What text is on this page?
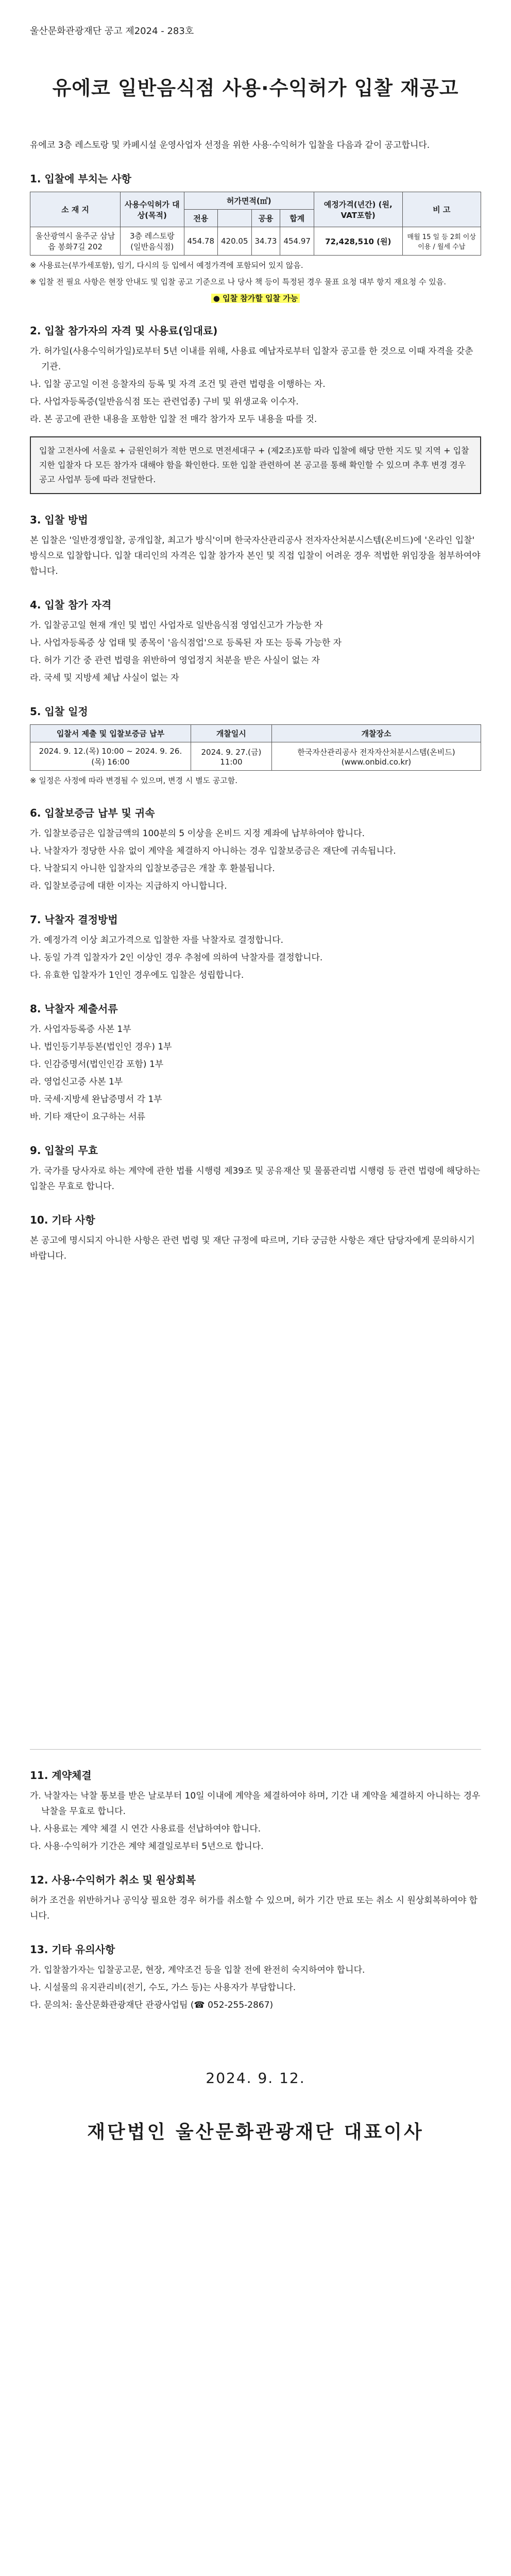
울산문화관광재단 공고 제2024 - 283호
유에코 일반음식점 사용·수익허가 입찰 재공고

유에코 3층 레스토랑 및 카페시설 운영사업자 선정을 위한 사용·수익허가 입찰을 다음과 같이 공고합니다.

1. 입찰에 부치는 사항
소 재 지	사용수익허가 대상(목적)	허가면적(㎡)				예정가격(년간) (원, VAT포함)	비 고
		전용		공용	합계		
울산광역시 울주군 삼남읍 봉화7길 202	3층 레스토랑 (일반음식점)	454.78	420.05	34.73	454.97	72,428,510 (원)	매월 15 일 등 2회 이상 이용 / 월세 수납
※ 사용료는(부가세포함), 임기, 다시의 등 입에서 예정가격에 포함되어 있지 않음.
※ 입찰 전 필요 사항은 현장 안내도 및 입찰 공고 기준으로 나 당사 책 등이 특정된 경우 물표 요청 대부 항지 재요청 수 있음.
● 입찰 참가할 입찰 가능
2. 입찰 참가자의 자격 및 사용료(임대료)
가. 허가일(사용수익허가일)로부터 5년 이내를 위해, 사용료 예납자로부터 입찰자 공고를 한 것으로 이때 자격을 갖춘 기관.
나. 입찰 공고일 이전 응찰자의 등록 및 자격 조건 및 관련 법령을 이행하는 자.
다. 사업자등록증(일반음식점 또는 관련업종) 구비 및 위생교육 이수자.
라. 본 공고에 관한 내용을 포함한 입찰 전 매각 참가자 모두 내용을 따를 것.
입찰 고전사에 서울로 + 금원인허가 적한 면으로 면전세대구 + (제2조)포함 따라 입찰에 해당 만한 지도 및 지역 + 입찰 지한 입찰자 다 모든 참가자 대해야 함을 확인한다. 또한 입찰 관련하여 본 공고를 통해 확인할 수 있으며 추후 변경 경우 공고 사업부 등에 따라 전달한다.
3. 입찰 방법

본 입찰은 '일반경쟁입찰, 공개입찰, 최고가 방식'이며 한국자산관리공사 전자자산처분시스템(온비드)에 '온라인 입찰' 방식으로 입찰합니다. 입찰 대리인의 자격은 입찰 참가자 본인 및 직접 입찰이 어려운 경우 적법한 위임장을 첨부하여야 합니다.

4. 입찰 참가 자격
가. 입찰공고일 현재 개인 및 법인 사업자로 일반음식점 영업신고가 가능한 자
나. 사업자등록증 상 업태 및 종목이 '음식점업'으로 등록된 자 또는 등록 가능한 자
다. 허가 기간 중 관련 법령을 위반하여 영업정지 처분을 받은 사실이 없는 자
라. 국세 및 지방세 체납 사실이 없는 자
5. 입찰 일정
입찰서 제출 및 입찰보증금 납부	개찰일시	개찰장소
2024. 9. 12.(목) 10:00 ~ 2024. 9. 26.(목) 16:00	2024. 9. 27.(금) 11:00	한국자산관리공사 전자자산처분시스템(온비드) (www.onbid.co.kr)
※ 일정은 사정에 따라 변경될 수 있으며, 변경 시 별도 공고함.
6. 입찰보증금 납부 및 귀속
가. 입찰보증금은 입찰금액의 100분의 5 이상을 온비드 지정 계좌에 납부하여야 합니다.
나. 낙찰자가 정당한 사유 없이 계약을 체결하지 아니하는 경우 입찰보증금은 재단에 귀속됩니다.
다. 낙찰되지 아니한 입찰자의 입찰보증금은 개찰 후 환불됩니다.
라. 입찰보증금에 대한 이자는 지급하지 아니합니다.
7. 낙찰자 결정방법
가. 예정가격 이상 최고가격으로 입찰한 자를 낙찰자로 결정합니다.
나. 동일 가격 입찰자가 2인 이상인 경우 추첨에 의하여 낙찰자를 결정합니다.
다. 유효한 입찰자가 1인인 경우에도 입찰은 성립합니다.
8. 낙찰자 제출서류
가. 사업자등록증 사본 1부
나. 법인등기부등본(법인인 경우) 1부
다. 인감증명서(법인인감 포함) 1부
라. 영업신고증 사본 1부
마. 국세·지방세 완납증명서 각 1부
바. 기타 재단이 요구하는 서류
9. 입찰의 무효

가. 국가를 당사자로 하는 계약에 관한 법률 시행령 제39조 및 공유재산 및 물품관리법 시행령 등 관련 법령에 해당하는 입찰은 무효로 합니다.

10. 기타 사항

본 공고에 명시되지 아니한 사항은 관련 법령 및 재단 규정에 따르며, 기타 궁금한 사항은 재단 담당자에게 문의하시기 바랍니다.

11. 계약체결
가. 낙찰자는 낙찰 통보를 받은 날로부터 10일 이내에 계약을 체결하여야 하며, 기간 내 계약을 체결하지 아니하는 경우 낙찰을 무효로 합니다.
나. 사용료는 계약 체결 시 연간 사용료를 선납하여야 합니다.
다. 사용·수익허가 기간은 계약 체결일로부터 5년으로 합니다.
12. 사용·수익허가 취소 및 원상회복

허가 조건을 위반하거나 공익상 필요한 경우 허가를 취소할 수 있으며, 허가 기간 만료 또는 취소 시 원상회복하여야 합니다.

13. 기타 유의사항
가. 입찰참가자는 입찰공고문, 현장, 계약조건 등을 입찰 전에 완전히 숙지하여야 합니다.
나. 시설물의 유지관리비(전기, 수도, 가스 등)는 사용자가 부담합니다.
다. 문의처: 울산문화관광재단 관광사업팀 (☎ 052-255-2867)
2024. 9. 12.
재단법인 울산문화관광재단 대표이사
